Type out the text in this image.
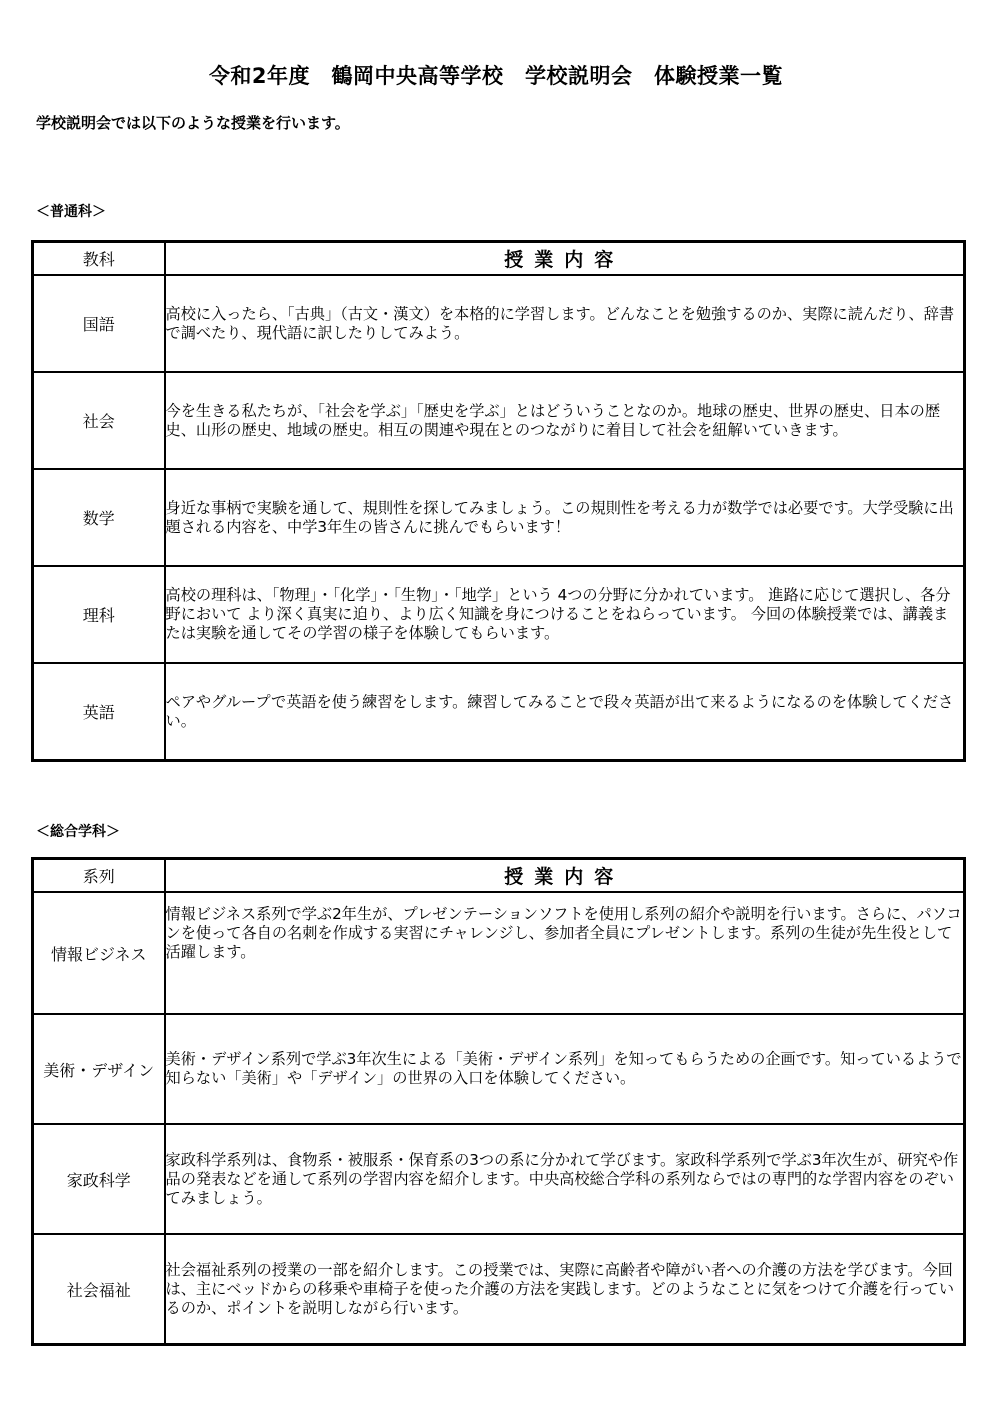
令和2年度　鶴岡中央高等学校　学校説明会　体験授業一覧
学校説明会では以下のような授業を行います。
＜普通科＞
教科	授業内容
国語	高校に入ったら、「古典」（古文・漢文）を本格的に学習します。どんなことを勉強するのか、実際に読んだり、辞書で調べたり、現代語に訳したりしてみよう。
社会	今を生きる私たちが、「社会を学ぶ」「歴史を学ぶ」とはどういうことなのか。地球の歴史、世界の歴史、日本の歴史、山形の歴史、地域の歴史。相互の関連や現在とのつながりに着目して社会を紐解いていきます。
数学	身近な事柄で実験を通して、規則性を探してみましょう。この規則性を考える力が数学では必要です。大学受験に出題される内容を、中学3年生の皆さんに挑んでもらいます！
理科	高校の理科は、「物理」・「化学」・「生物」・「地学」という 4つの分野に分かれています。 進路に応じて選択し、各分野において より深く真実に迫り、より広く知識を身につけることをねらっています。 今回の体験授業では、講義または実験を通してその学習の様子を体験してもらいます。
英語	ペアやグループで英語を使う練習をします。練習してみることで段々英語が出て来るようになるのを体験してください。
＜総合学科＞
系列	授業内容
情報ビジネス	情報ビジネス系列で学ぶ2年生が、プレゼンテーションソフトを使用し系列の紹介や説明を行います。さらに、パソコンを使って各自の名刺を作成する実習にチャレンジし、参加者全員にプレゼントします。系列の生徒が先生役として活躍します。
美術・デザイン	美術・デザイン系列で学ぶ3年次生による「美術・デザイン系列」を知ってもらうための企画です。知っているようで知らない「美術」や「デザイン」の世界の入口を体験してください。
家政科学	家政科学系列は、食物系・被服系・保育系の3つの系に分かれて学びます。家政科学系列で学ぶ3年次生が、研究や作品の発表などを通して系列の学習内容を紹介します。中央高校総合学科の系列ならではの専門的な学習内容をのぞいてみましょう。
社会福祉	社会福祉系列の授業の一部を紹介します。この授業では、実際に高齢者や障がい者への介護の方法を学びます。今回は、主にベッドからの移乗や車椅子を使った介護の方法を実践します。どのようなことに気をつけて介護を行っているのか、ポイントを説明しながら行います。
